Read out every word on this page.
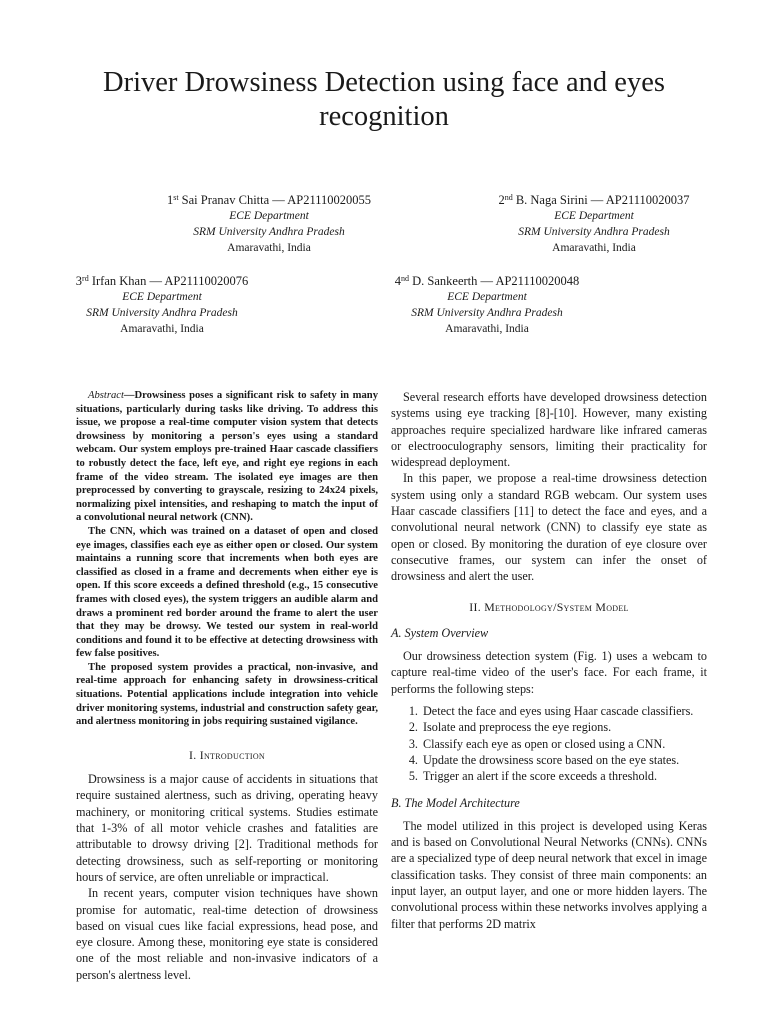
Driver Drowsiness Detection using face and eyes recognition
1st Sai Pranav Chitta — AP21110020055
ECE Department
SRM University Andhra Pradesh
Amaravathi, India
2nd B. Naga Sirini — AP21110020037
ECE Department
SRM University Andhra Pradesh
Amaravathi, India
3rd Irfan Khan — AP21110020076
ECE Department
SRM University Andhra Pradesh
Amaravathi, India
4nd D. Sankeerth — AP21110020048
ECE Department
SRM University Andhra Pradesh
Amaravathi, India

Abstract—Drowsiness poses a significant risk to safety in many situations, particularly during tasks like driving. To address this issue, we propose a real-time computer vision system that detects drowsiness by monitoring a person's eyes using a standard webcam. Our system employs pre-trained Haar cascade classifiers to robustly detect the face, left eye, and right eye regions in each frame of the video stream. The isolated eye images are then preprocessed by converting to grayscale, resizing to 24x24 pixels, normalizing pixel intensities, and reshaping to match the input of a convolutional neural network (CNN).

The CNN, which was trained on a dataset of open and closed eye images, classifies each eye as either open or closed. Our system maintains a running score that increments when both eyes are classified as closed in a frame and decrements when either eye is open. If this score exceeds a defined threshold (e.g., 15 consecutive frames with closed eyes), the system triggers an audible alarm and draws a prominent red border around the frame to alert the user that they may be drowsy. We tested our system in real-world conditions and found it to be effective at detecting drowsiness with few false positives.

The proposed system provides a practical, non-invasive, and real-time approach for enhancing safety in drowsiness-critical situations. Potential applications include integration into vehicle driver monitoring systems, industrial and construction safety gear, and alertness monitoring in jobs requiring sustained vigilance.

I. Introduction

Drowsiness is a major cause of accidents in situations that require sustained alertness, such as driving, operating heavy machinery, or monitoring critical systems. Studies estimate that 1-3% of all motor vehicle crashes and fatalities are attributable to drowsy driving [2]. Traditional methods for detecting drowsiness, such as self-reporting or monitoring hours of service, are often unreliable or impractical.

In recent years, computer vision techniques have shown promise for automatic, real-time detection of drowsiness based on visual cues like facial expressions, head pose, and eye closure. Among these, monitoring eye state is considered one of the most reliable and non-invasive indicators of a person's alertness level.

Several research efforts have developed drowsiness detection systems using eye tracking [8]-[10]. However, many existing approaches require specialized hardware like infrared cameras or electrooculography sensors, limiting their practicality for widespread deployment.

In this paper, we propose a real-time drowsiness detection system using only a standard RGB webcam. Our system uses Haar cascade classifiers [11] to detect the face and eyes, and a convolutional neural network (CNN) to classify eye state as open or closed. By monitoring the duration of eye closure over consecutive frames, our system can infer the onset of drowsiness and alert the user.

II. Methodology/System Model
A. System Overview

Our drowsiness detection system (Fig. 1) uses a webcam to capture real-time video of the user's face. For each frame, it performs the following steps:

1. Detect the face and eyes using Haar cascade classifiers.
2. Isolate and preprocess the eye regions.
3. Classify each eye as open or closed using a CNN.
4. Update the drowsiness score based on the eye states.
5. Trigger an alert if the score exceeds a threshold.
B. The Model Architecture

The model utilized in this project is developed using Keras and is based on Convolutional Neural Networks (CNNs). CNNs are a specialized type of deep neural network that excel in image classification tasks. They consist of three main components: an input layer, an output layer, and one or more hidden layers. The convolutional process within these networks involves applying a filter that performs 2D matrix
